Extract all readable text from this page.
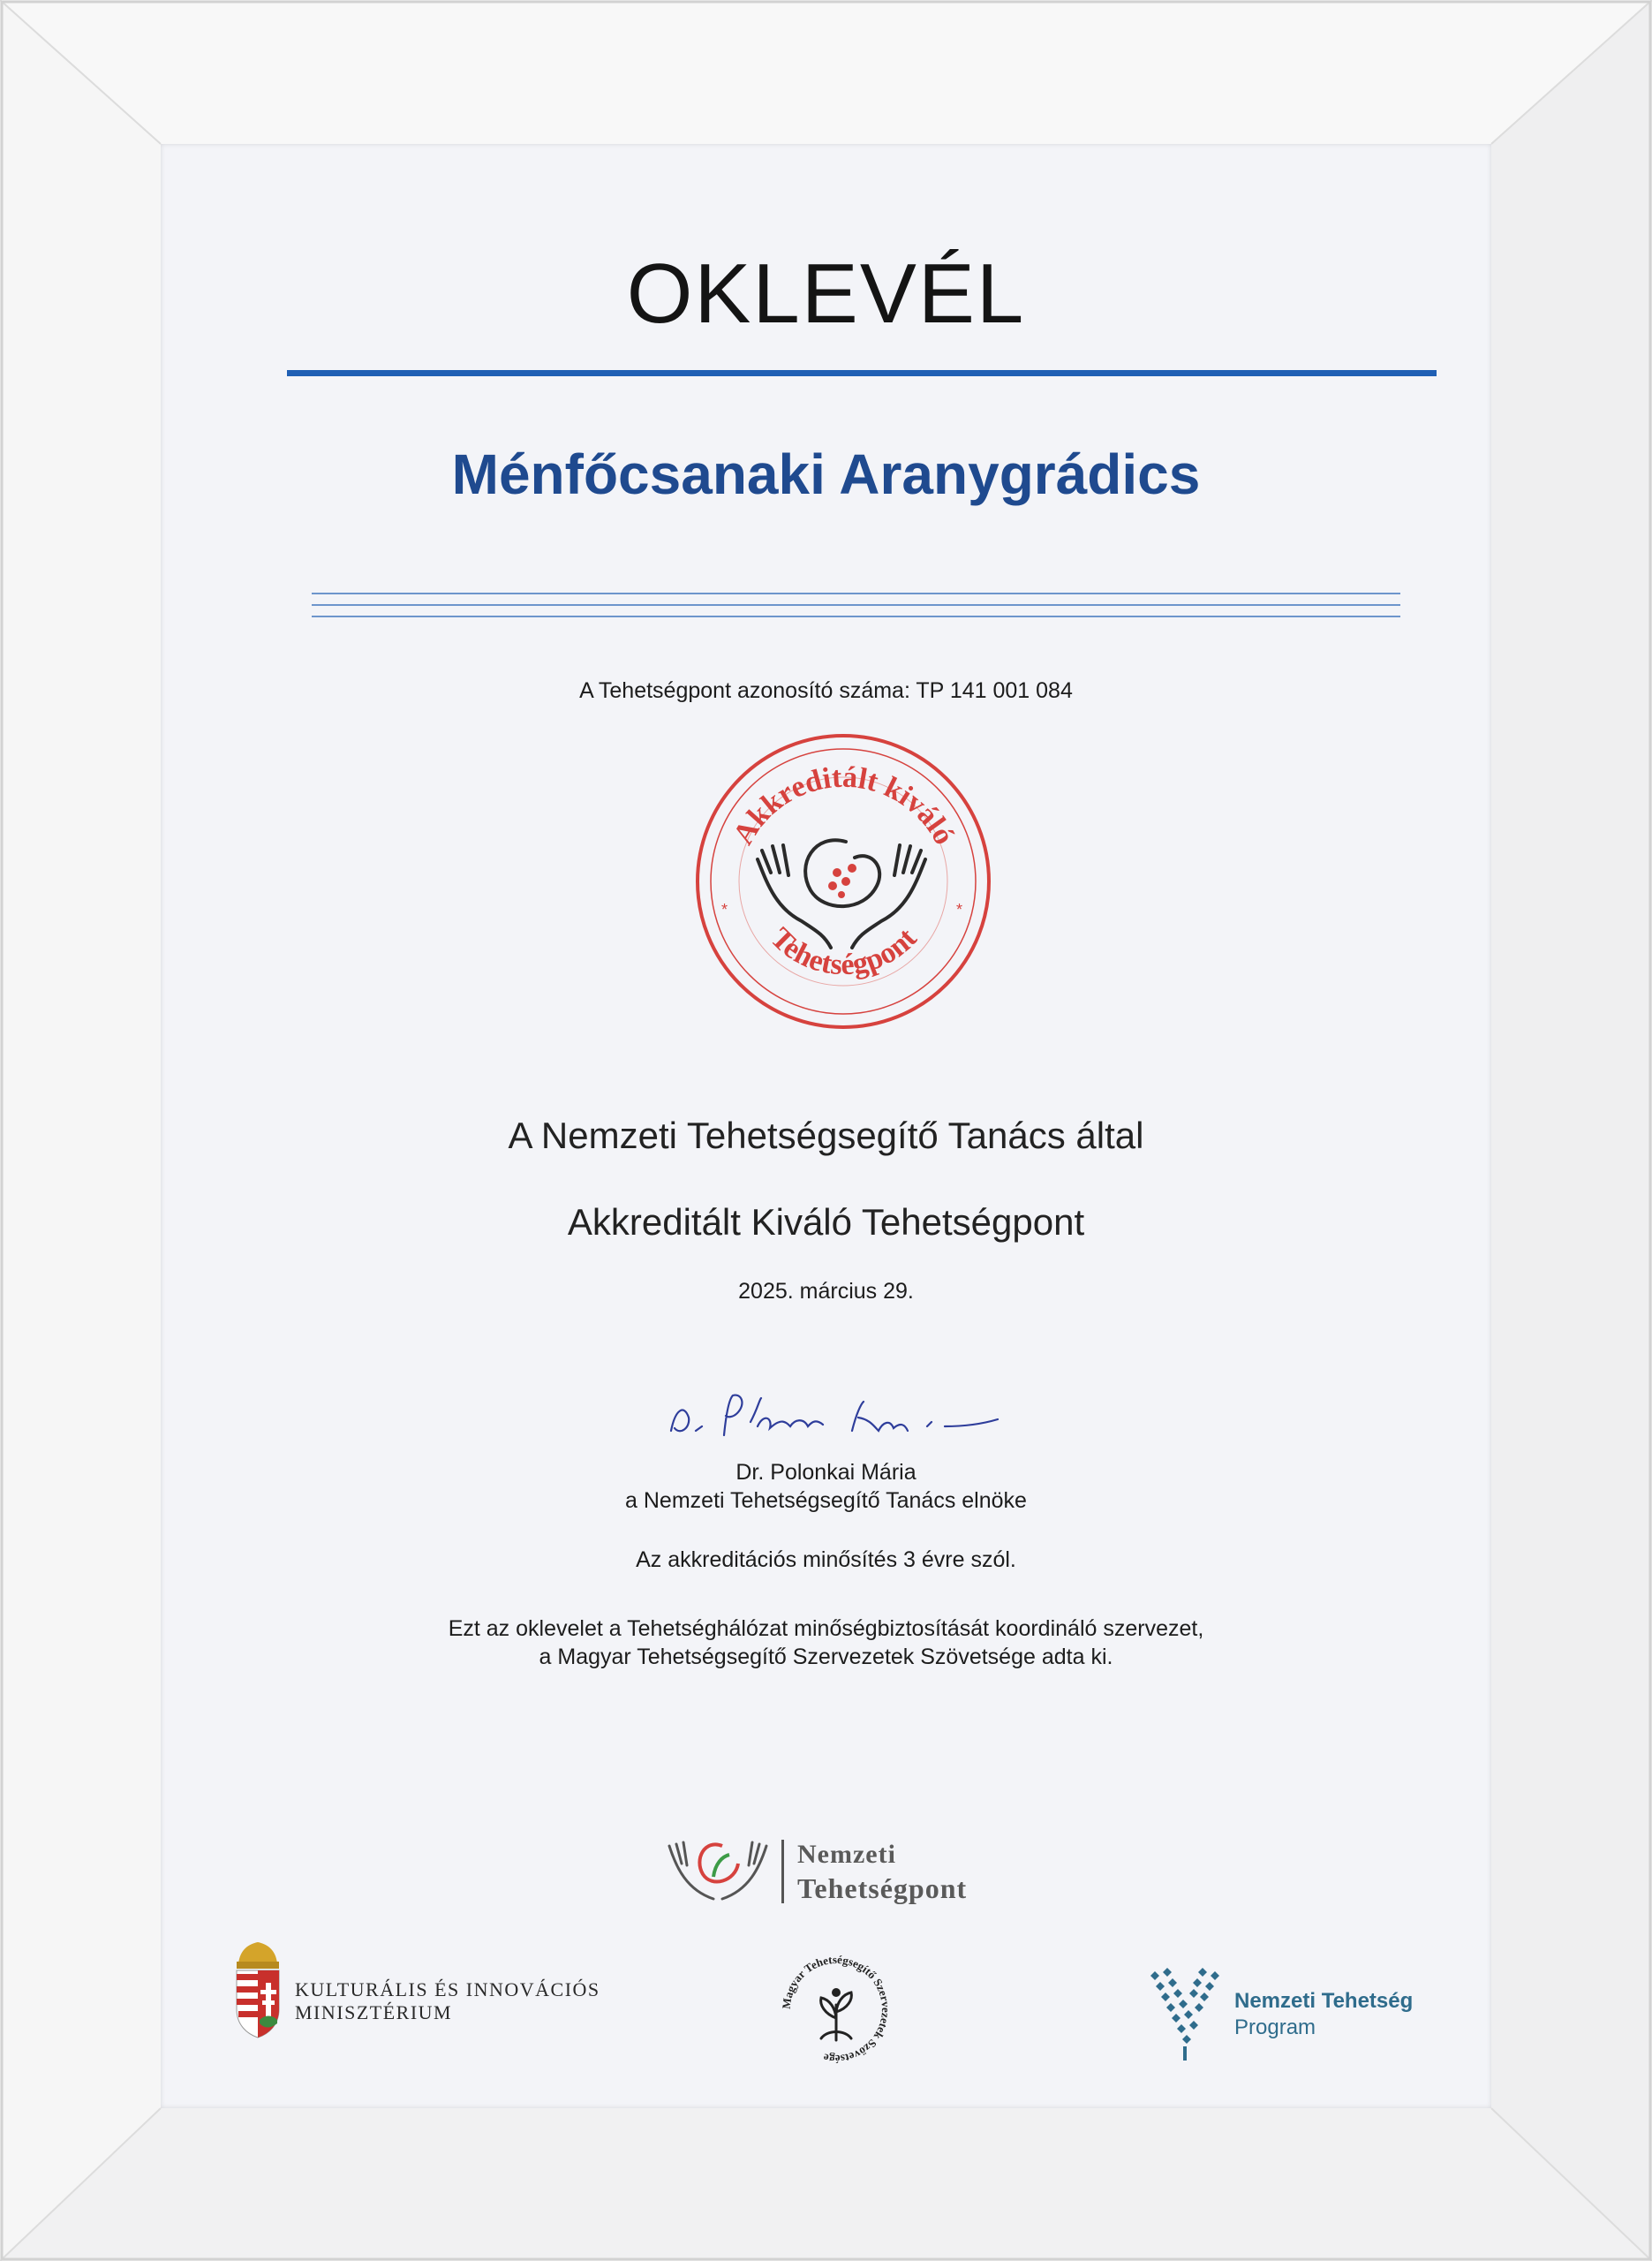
OKLEVÉL
Ménfőcsanaki Aranygrádics
A Tehetségpont azonosító száma: TP 141 001 084
Akkreditált kiváló
Tehetségpont
*	*
A Nemzeti Tehetségsegítő Tanács által
Akkreditált Kiváló Tehetségpont
2025. március 29.
Dr. Polonkai Mária
a Nemzeti Tehetségsegítő Tanács elnöke
Az akkreditációs minősítés 3 évre szól.
Ezt az oklevelet a Tehetséghálózat minőségbiztosítását koordináló szervezet,
a Magyar Tehetségsegítő Szervezetek Szövetsége adta ki.
Nemzeti
Tehetségpont
KULTURÁLIS ÉS INNOVÁCIÓS
MINISZTÉRIUM	Magyar Tehetségsegítő Szervezetek Szövetsége
Nemzeti Tehetség
Program
